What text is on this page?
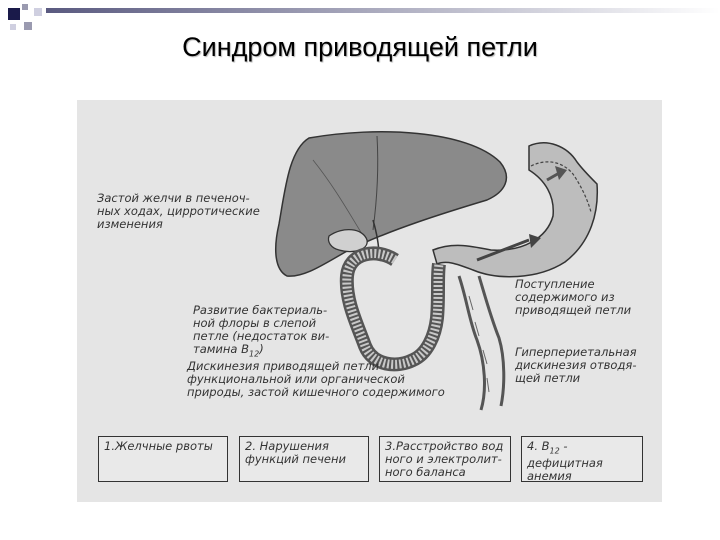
Синдром приводящей петли
Застой желчи в печеноч-
ных ходах, цирротические
изменения
Развитие бактериаль-
ной флоры в слепой
петле (недостаток ви-
тамина $B_{12}$)
Дискинезия приводящей петли
функциональной или органической
природы, застой кишечного содержимого
Поступление
содержимого из
приводящей петли
Гиперпериетальная
дискинезия отводя-
щей петли
1.Желчные рвоты	2. Нарушения
функций печени
3.Расстройство вод
ного и электролит-
ного баланса
4. $B_{12}$ - дефицитная
анемия
